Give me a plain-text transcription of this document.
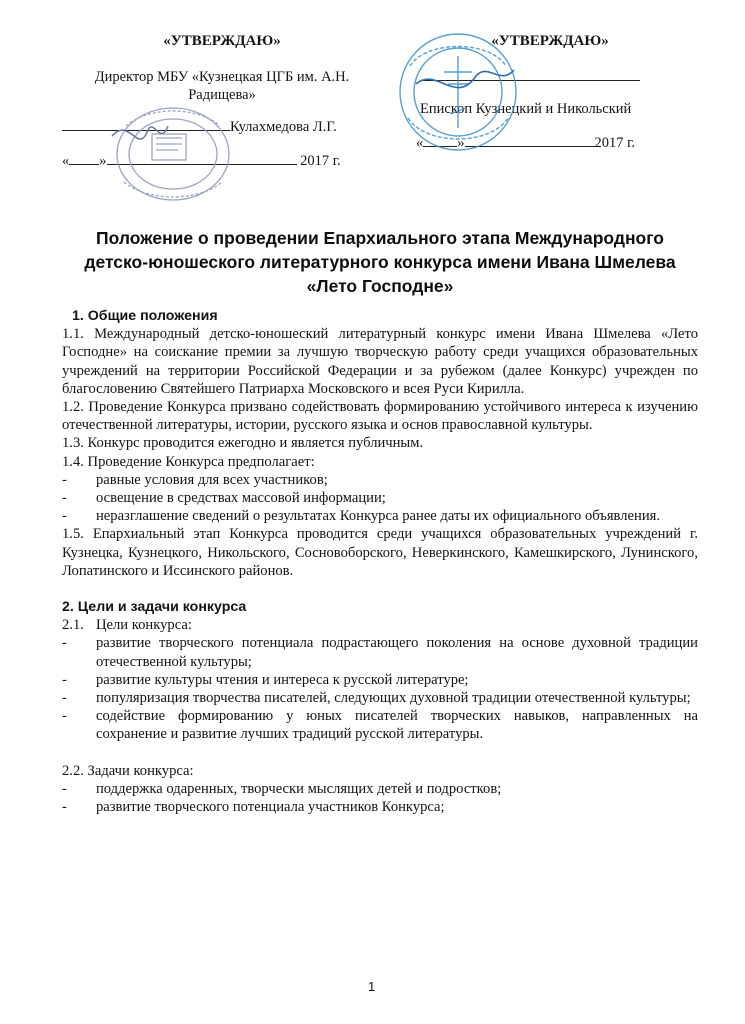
«УТВЕРЖДАЮ»
Директор МБУ «Кузнецкая ЦГБ им. А.Н. Радищева»
Кулахмедова Л.Г.
« »	2017 г.
«УТВЕРЖДАЮ»
Епископ Кузнецкий и Никольский
« »	2017 г.
Положение о проведении Епархиального этапа Международного
детско-юношеского литературного конкурса имени Ивана Шмелева
«Лето Господне»

1. Общие положения

1.1. Международный детско-юношеский литературный конкурс имени Ивана Шмелева «Лето Господне» на соискание премии за лучшую творческую работу среди учащихся образовательных учреждений на территории Российской Федерации и за рубежом (далее Конкурс) учрежден по благословению Святейшего Патриарха Московского и всея Руси Кирилла.

1.2. Проведение Конкурса призвано содействовать формированию устойчивого интереса к изучению отечественной литературы, истории, русского языка и основ православной культуры.

1.3. Конкурс проводится ежегодно и является публичным.

1.4. Проведение Конкурса предполагает:

-	равные условия для всех участников;
-	освещение в средствах массовой информации;
-	неразглашение сведений о результатах Конкурса ранее даты их официального объявления.

1.5. Епархиальный этап Конкурса проводится среди учащихся образовательных учреждений г. Кузнецка, Кузнецкого, Никольского, Сосновоборского, Неверкинского, Камешкирского, Лунинского, Лопатинского и Иссинского районов.

2. Цели и задачи конкурса

2.1. Цели конкурса:

-	развитие творческого потенциала подрастающего поколения на основе духовной традиции отечественной культуры;
-	развитие культуры чтения и интереса к русской литературе;
-	популяризация творчества писателей, следующих духовной традиции отечественной культуры;
-	содействие формированию у юных писателей творческих навыков, направленных на сохранение и развитие лучших традиций русской литературы.

2.2. Задачи конкурса:

-	поддержка одаренных, творчески мыслящих детей и подростков;
-	развитие творческого потенциала участников Конкурса;
1
